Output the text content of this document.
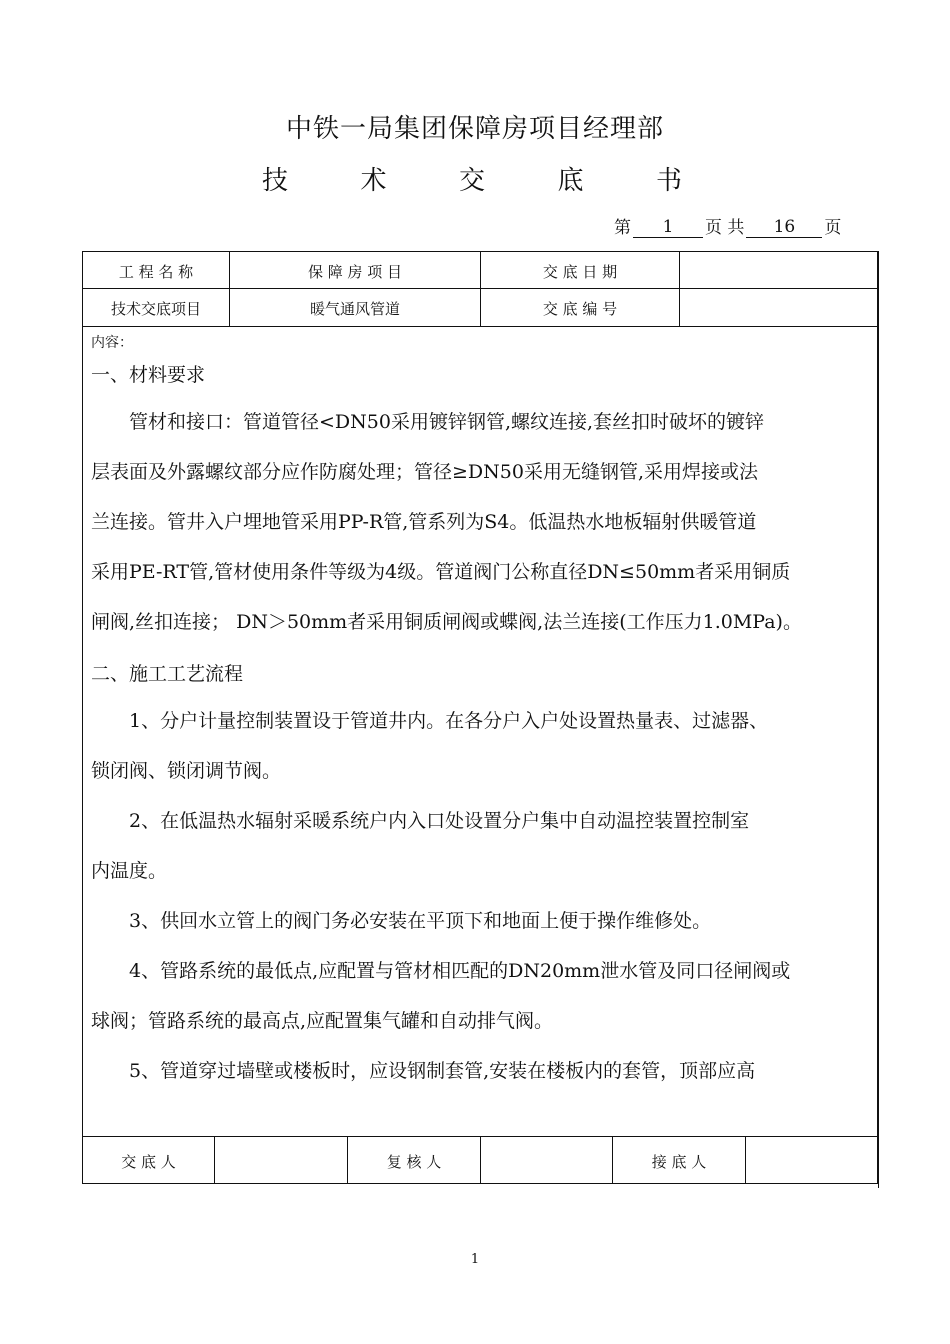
中铁一局集团保障房项目经理部
技	术	交	底	书
第	1	页 共	16	页
工 程 名 称	保 障 房 项 目	交 底 日 期
技术交底项目	暖气通风管道	交 底 编 号
内容：
一、材料要求
　　管材和接口：管道管径<DN50采用镀锌钢管,螺纹连接,套丝扣时破坏的镀锌
层表面及外露螺纹部分应作防腐处理；管径≥DN50采用无缝钢管,采用焊接或法
兰连接。管井入户埋地管采用PP-R管,管系列为S4。低温热水地板辐射供暖管道
采用PE-RT管,管材使用条件等级为4级。管道阀门公称直径DN≤50mm者采用铜质
闸阀,丝扣连接； DN＞50mm者采用铜质闸阀或蝶阀,法兰连接(工作压力1.0MPa)。
二、施工工艺流程
　　1、分户计量控制装置设于管道井内。在各分户入户处设置热量表、过滤器、
锁闭阀、锁闭调节阀。
　　2、在低温热水辐射采暖系统户内入口处设置分户集中自动温控装置控制室
内温度。
　　3、供回水立管上的阀门务必安装在平顶下和地面上便于操作维修处。
　　4、管路系统的最低点,应配置与管材相匹配的DN20mm泄水管及同口径闸阀或
球阀；管路系统的最高点,应配置集气罐和自动排气阀。
　　5、管道穿过墙壁或楼板时，应设钢制套管,安装在楼板内的套管，顶部应高
交 底 人	复 核 人	接 底 人
1
